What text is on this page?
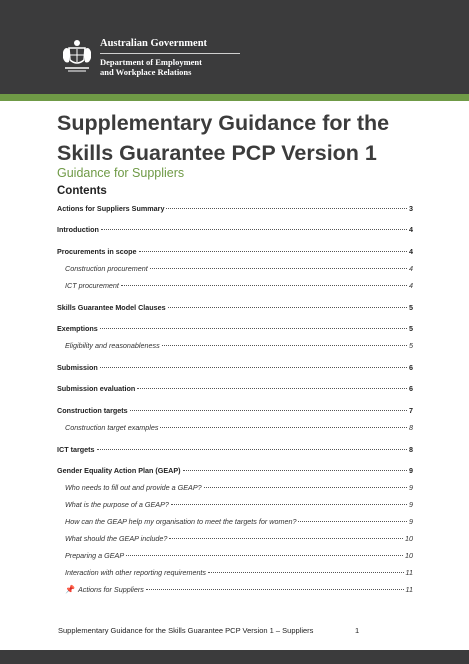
Australian Government
Department of Employment
and Workplace Relations
Supplementary Guidance for the
Skills Guarantee PCP Version 1
Guidance for Suppliers
Contents
Actions for Suppliers Summary	3
Introduction	4
Procurements in scope	4
Construction procurement	4
ICT procurement	4
Skills Guarantee Model Clauses	5
Exemptions	5
Eligibility and reasonableness	5
Submission	6
Submission evaluation	6
Construction targets	7
Construction target examples	8
ICT targets	8
Gender Equality Action Plan (GEAP)	9
Who needs to fill out and provide a GEAP?	9
What is the purpose of a GEAP?	9
How can the GEAP help my organisation to meet the targets for women?	9
What should the GEAP include?	10
Preparing a GEAP	10
Interaction with other reporting requirements	11
📌 Actions for Suppliers	11
Supplementary Guidance for the Skills Guarantee PCP Version 1 – Suppliers	1
